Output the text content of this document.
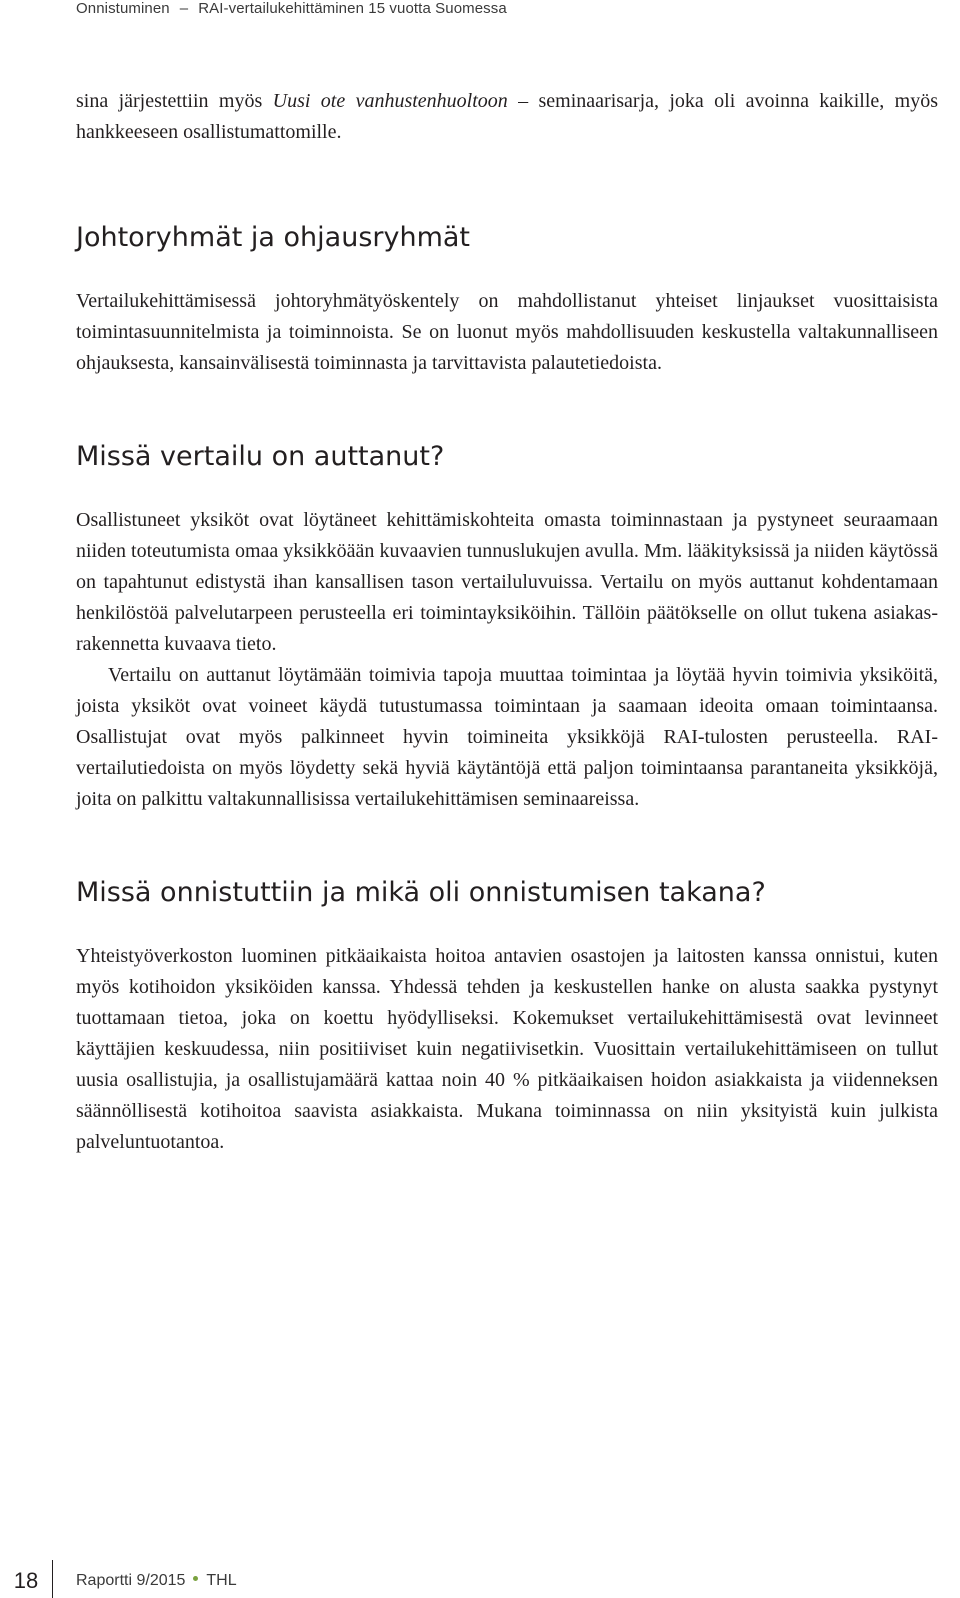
Onnistuminen – RAI-vertailukehittäminen 15 vuotta Suomessa

sina järjestettiin myös Uusi ote vanhustenhuoltoon – seminaarisarja, joka oli avoinna kaikille, myös hankkeeseen osallistumattomille.

Johtoryhmät ja ohjausryhmät

Vertailukehittämisessä johtoryhmätyöskentely on mahdollistanut yhteiset linjaukset vuosittaisista toimintasuunnitelmista ja toiminnoista. Se on luonut myös mahdollisuuden keskustella valtakunnalliseen ohjauksesta, kansainvälisestä toiminnasta ja tarvittavista palautetiedoista.

Missä vertailu on auttanut?

Osallistuneet yksiköt ovat löytäneet kehittämiskohteita omasta toiminnastaan ja pystyneet seuraamaan niiden toteutumista omaa yksikköään kuvaavien tunnuslukujen avulla. Mm. lääkityksissä ja niiden käytössä on tapahtunut edistystä ihan kansallisen tason vertailuluvuissa. Vertailu on myös auttanut kohdentamaan henkilöstöä palvelutarpeen perusteella eri toimintayksiköihin. Tällöin päätökselle on ollut tukena asiakasrakennetta kuvaava tieto.

Vertailu on auttanut löytämään toimivia tapoja muuttaa toimintaa ja löytää hyvin toimivia yksiköitä, joista yksiköt ovat voineet käydä tutustumassa toimintaan ja saamaan ideoita omaan toimintaansa. Osallistujat ovat myös palkinneet hyvin toimineita yksikköjä RAI-tulosten perusteella. RAI-vertailutiedoista on myös löydetty sekä hyviä käytäntöjä että paljon toimintaansa parantaneita yksikköjä, joita on palkittu valtakunnallisissa vertailukehittämisen seminaareissa.

Missä onnistuttiin ja mikä oli onnistumisen takana?

Yhteistyöverkoston luominen pitkäaikaista hoitoa antavien osastojen ja laitosten kanssa onnistui, kuten myös kotihoidon yksiköiden kanssa. Yhdessä tehden ja keskustellen hanke on alusta saakka pystynyt tuottamaan tietoa, joka on koettu hyödylliseksi. Kokemukset vertailukehittämisestä ovat levinneet käyttäjien keskuudessa, niin positiiviset kuin negatiivisetkin. Vuosittain vertailukehittämiseen on tullut uusia osallistujia, ja osallistujamäärä kattaa noin 40 % pitkäaikaisen hoidon asiakkaista ja viidenneksen säännöllisestä kotihoitoa saavista asiakkaista. Mukana toiminnassa on niin yksityistä kuin julkista palveluntuotantoa.

18	Raportti 9/2015 THL
